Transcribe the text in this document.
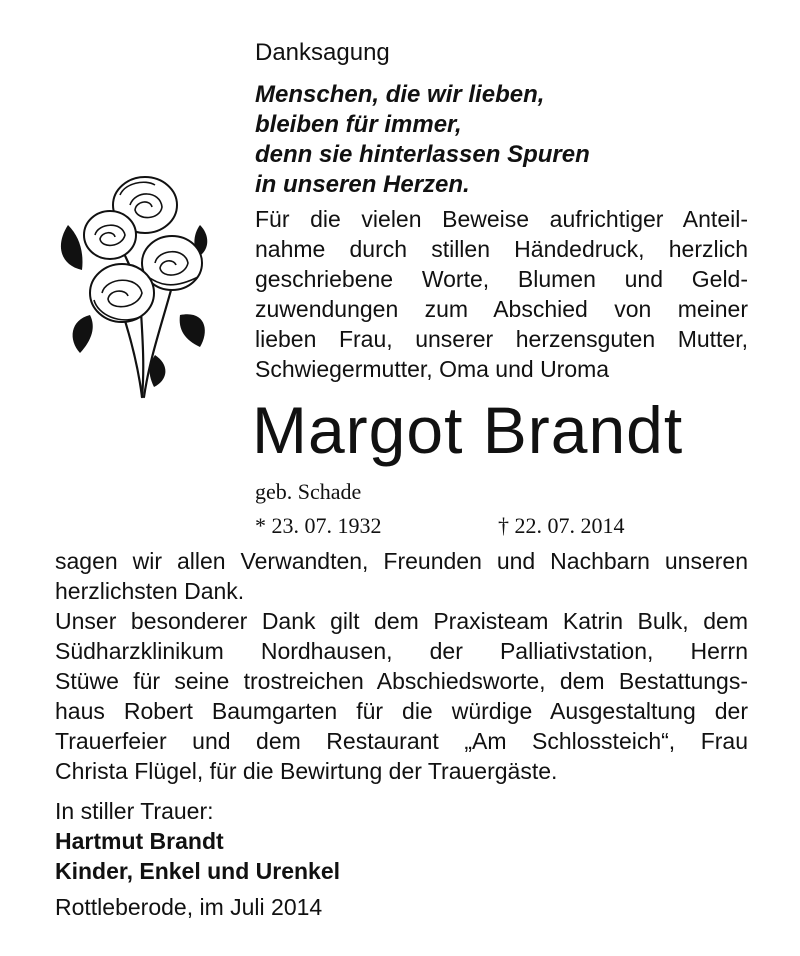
Danksagung
Menschen, die wir lieben,
bleiben für immer,
denn sie hinterlassen Spuren
in unseren Herzen.
Für die vielen Beweise aufrichtiger Anteil-
nahme durch stillen Händedruck, herzlich
geschriebene Worte, Blumen und Geld-
zuwendungen zum Abschied von meiner
lieben Frau, unserer herzensguten Mutter,
Schwiegermutter, Oma und Uroma
Margot Brandt
geb. Schade
* 23. 07. 1932	† 22. 07. 2014

sagen wir allen Verwandten, Freunden und Nachbarn unseren

herzlichsten Dank.

Unser besonderer Dank gilt dem Praxisteam Katrin Bulk, dem

Südharzklinikum Nordhausen, der Palliativstation, Herrn

Stüwe für seine trostreichen Abschiedsworte, dem Bestattungs-

haus Robert Baumgarten für die würdige Ausgestaltung der

Trauerfeier und dem Restaurant „Am Schlossteich“, Frau

Christa Flügel, für die Bewirtung der Trauergäste.

In stiller Trauer:
Hartmut Brandt
Kinder, Enkel und Urenkel
Rottleberode, im Juli 2014
